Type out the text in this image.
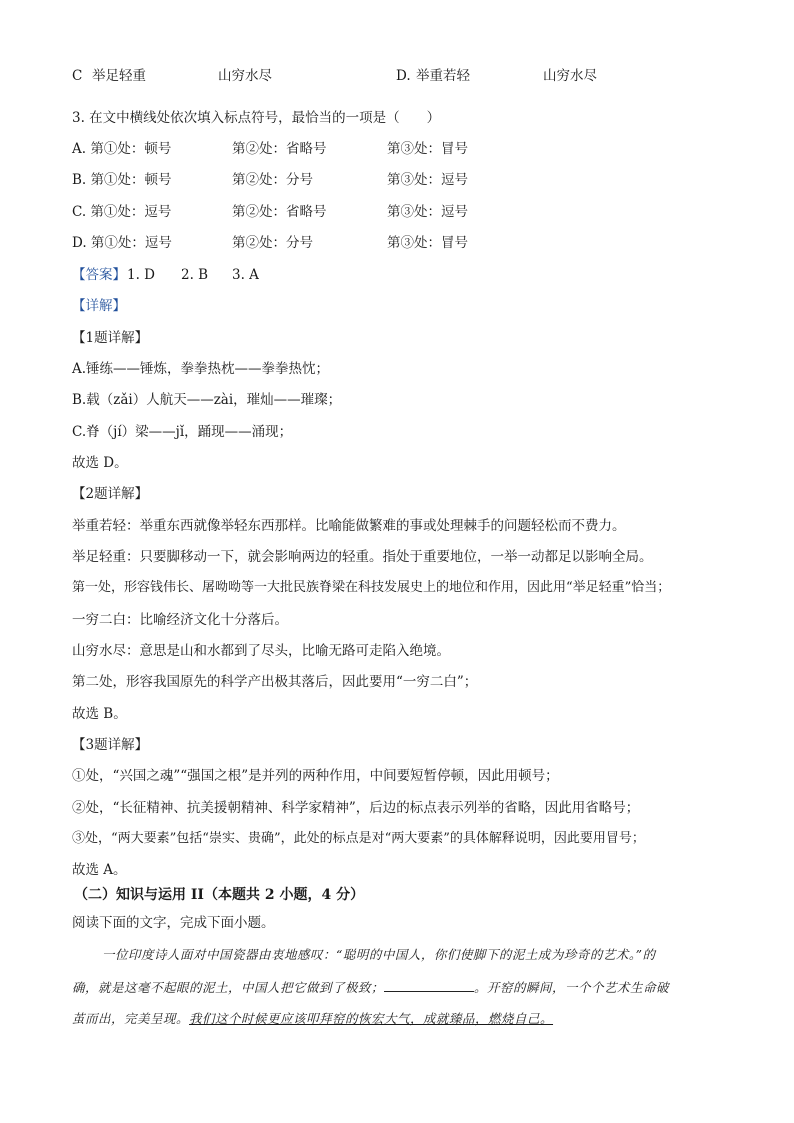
C 举足轻重	山穷水尽	D. 举重若轻	山穷水尽
3. 在文中横线处依次填入标点符号，最恰当的一项是（　　）
A. 第①处：顿号	第②处：省略号	第③处：冒号
B. 第①处：顿号	第②处：分号	第③处：逗号
C. 第①处：逗号	第②处：省略号	第③处：逗号
D. 第①处：逗号	第②处：分号	第③处：冒号
【答案】 1. D 2. B 3. A
【详解】
【1题详解】
A.锤练——锤炼，拳拳热枕——拳拳热忱；
B.载（zǎi）人航天——zài，璀灿——璀璨；
C.脊（jí）梁——jǐ，踊现——涌现；
故选 D。
【2题详解】
举重若轻：举重东西就像举轻东西那样。比喻能做繁难的事或处理棘手的问题轻松而不费力。
举足轻重：只要脚移动一下，就会影响两边的轻重。指处于重要地位，一举一动都足以影响全局。
第一处，形容钱伟长、屠呦呦等一大批民族脊梁在科技发展史上的地位和作用，因此用“举足轻重”恰当；
一穷二白：比喻经济文化十分落后。
山穷水尽：意思是山和水都到了尽头，比喻无路可走陷入绝境。
第二处，形容我国原先的科学产出极其落后，因此要用“一穷二白”；
故选 B。
【3题详解】
①处，“兴国之魂”“强国之根”是并列的两种作用，中间要短暂停顿，因此用顿号；
②处，“长征精神、抗美援朝精神、科学家精神”，后边的标点表示列举的省略，因此用省略号；
③处，“两大要素”包括“崇实、贵确”，此处的标点是对“两大要素”的具体解释说明，因此要用冒号；
故选 A。
（二）知识与运用 II（本题共 2 小题，4 分）
阅读下面的文字，完成下面小题。
一位印度诗人面对中国瓷器由衷地感叹：“聪明的中国人，你们使脚下的泥土成为珍奇的艺术。”的
确，就是这毫不起眼的泥土，中国人把它做到了极致；	。开窑的瞬间，一个个艺术生命破
茧而出，完美呈现。我们这个时候更应该叩拜窑的恢宏大气，成就臻品，燃烧自己。
